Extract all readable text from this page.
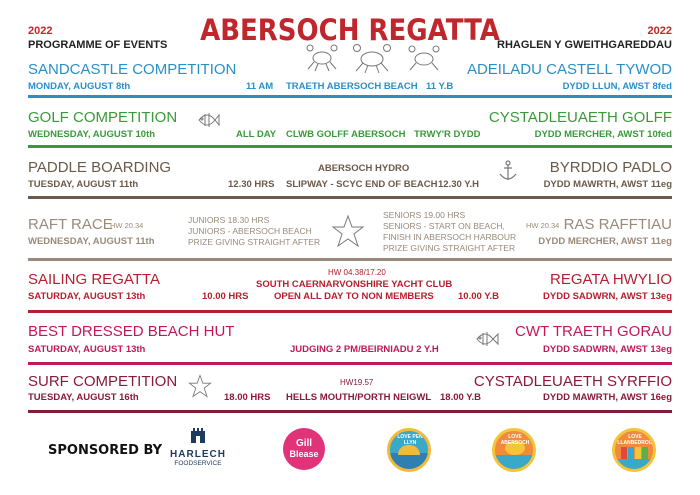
2022
PROGRAMME OF EVENTS
2022
RHAGLEN Y GWEITHGAREDDAU
ABERSOCH REGATTA
SANDCASTLE COMPETITION
MONDAY, AUGUST 8th	11 AM TRAETH ABERSOCH BEACH 11 Y.B
ADEILADU CASTELL TYWOD
DYDD LLUN, AWST 8fed
GOLF COMPETITION
WEDNESDAY, AUGUST 10th	ALL DAY CLWB GOLFF ABERSOCH TRWY'R DYDD
CYSTADLEUAETH GOLFF
DYDD MERCHER, AWST 10fed
PADDLE BOARDING
TUESDAY, AUGUST 11th
ABERSOCH HYDRO
12.30 HRS SLIPWAY - SCYC END OF BEACH 12.30 Y.H
BYRDDIO PADLO
DYDD MAWRTH, AWST 11eg
RAFT RACE
HW 20.34
WEDNESDAY, AUGUST 11th
JUNIORS 18.30 HRS
JUNIORS - ABERSOCH BEACH
PRIZE GIVING STRAIGHT AFTER
SENIORS 19.00 HRS
SENIORS - START ON BEACH,
FINISH IN ABERSOCH HARBOUR
PRIZE GIVING STRAIGHT AFTER
HW 20.34 RAS RAFFTIAU
DYDD MERCHER, AWST 11eg
SAILING REGATTA
SATURDAY, AUGUST 13th
HW 04.38/17.20
SOUTH CAERNARVONSHIRE YACHT CLUB
OPEN ALL DAY TO NON MEMBERS
10.00 HRS	10.00 Y.B
REGATA HWYLIO
DYDD SADWRN, AWST 13eg
BEST DRESSED BEACH HUT
SATURDAY, AUGUST 13th	JUDGING 2 PM/BEIRNIADU 2 Y.H
CWT TRAETH GORAU
DYDD SADWRN, AWST 13eg
SURF COMPETITION
TUESDAY, AUGUST 16th
HW19.57
18.00 HRS HELLS MOUTH/PORTH NEIGWL 18.00 Y.B
CYSTADLEUAETH SYRFFIO
DYDD MAWRTH, AWST 16eg
SPONSORED BY HARLECH
FOODSERVICE
Gill
Blease
LOVE PEN LLYN
LOVE ABERSOCH
LOVE LLANBEDROG
